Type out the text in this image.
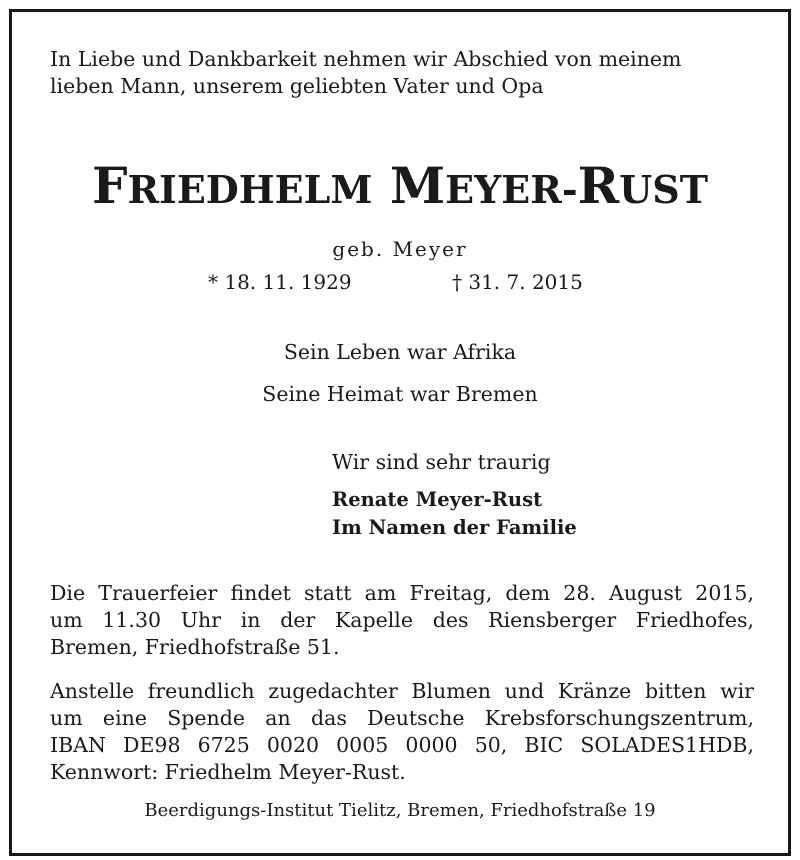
In Liebe und Dankbarkeit nehmen wir Abschied von meinem
lieben Mann, unserem geliebten Vater und Opa
FRIEDHELM MEYER-RUST
geb. Meyer
* 18. 11. 1929	† 31. 7. 2015
Sein Leben war Afrika
Seine Heimat war Bremen
Wir sind sehr traurig
Renate Meyer-Rust
Im Namen der Familie
Die Trauerfeier findet statt am Freitag, dem 28. August 2015,
um 11.30 Uhr in der Kapelle des Riensberger Friedhofes,
Bremen, Friedhofstraße 51.
Anstelle freundlich zugedachter Blumen und Kränze bitten wir
um eine Spende an das Deutsche Krebsforschungszentrum,
IBAN DE98 6725 0020 0005 0000 50, BIC SOLADES1HDB,
Kennwort: Friedhelm Meyer-Rust.
Beerdigungs-Institut Tielitz, Bremen, Friedhofstraße 19
